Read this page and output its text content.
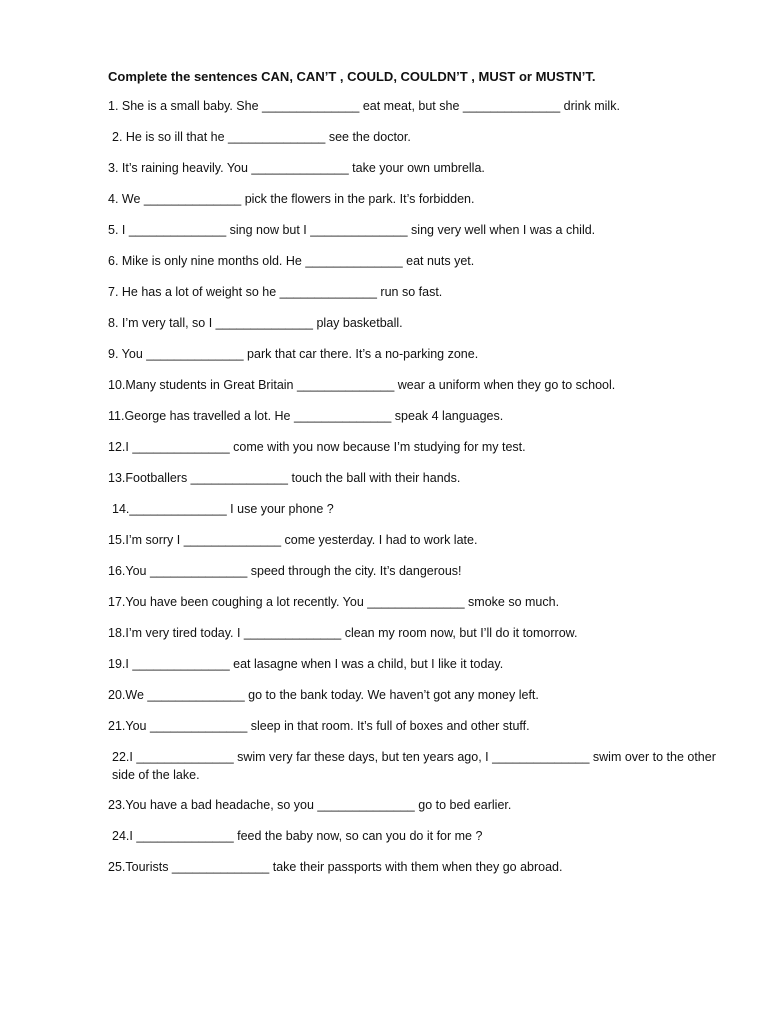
Complete the sentences CAN, CAN’T , COULD, COULDN’T , MUST or MUSTN’T.
1. She is a small baby. She ______________ eat meat, but she ______________ drink milk.
2. He is so ill that he ______________ see the doctor.
3. It’s raining heavily. You ______________ take your own umbrella.
4. We ______________ pick the flowers in the park. It’s forbidden.
5. I ______________ sing now but I ______________ sing very well when I was a child.
6. Mike is only nine months old. He ______________ eat nuts yet.
7. He has a lot of weight so he ______________ run so fast.
8. I’m very tall, so I ______________ play basketball.
9. You ______________ park that car there. It’s a no-parking zone.
10.Many students in Great Britain ______________ wear a uniform when they go to school.
11.George has travelled a lot. He ______________ speak 4 languages.
12.I ______________ come with you now because I’m studying for my test.
13.Footballers ______________ touch the ball with their hands.
14.______________ I use your phone ?
15.I’m sorry I ______________ come yesterday. I had to work late.
16.You ______________ speed through the city. It’s dangerous!
17.You have been coughing a lot recently. You ______________ smoke so much.
18.I’m very tired today. I ______________ clean my room now, but I’ll do it tomorrow.
19.I ______________ eat lasagne when I was a child, but I like it today.
20.We ______________ go to the bank today. We haven’t got any money left.
21.You ______________ sleep in that room. It’s full of boxes and other stuff.
22.I ______________ swim very far these days, but ten years ago, I ______________ swim over to the other side of the lake.
23.You have a bad headache, so you ______________ go to bed earlier.
24.I ______________ feed the baby now, so can you do it for me ?
25.Tourists ______________ take their passports with them when they go abroad.
